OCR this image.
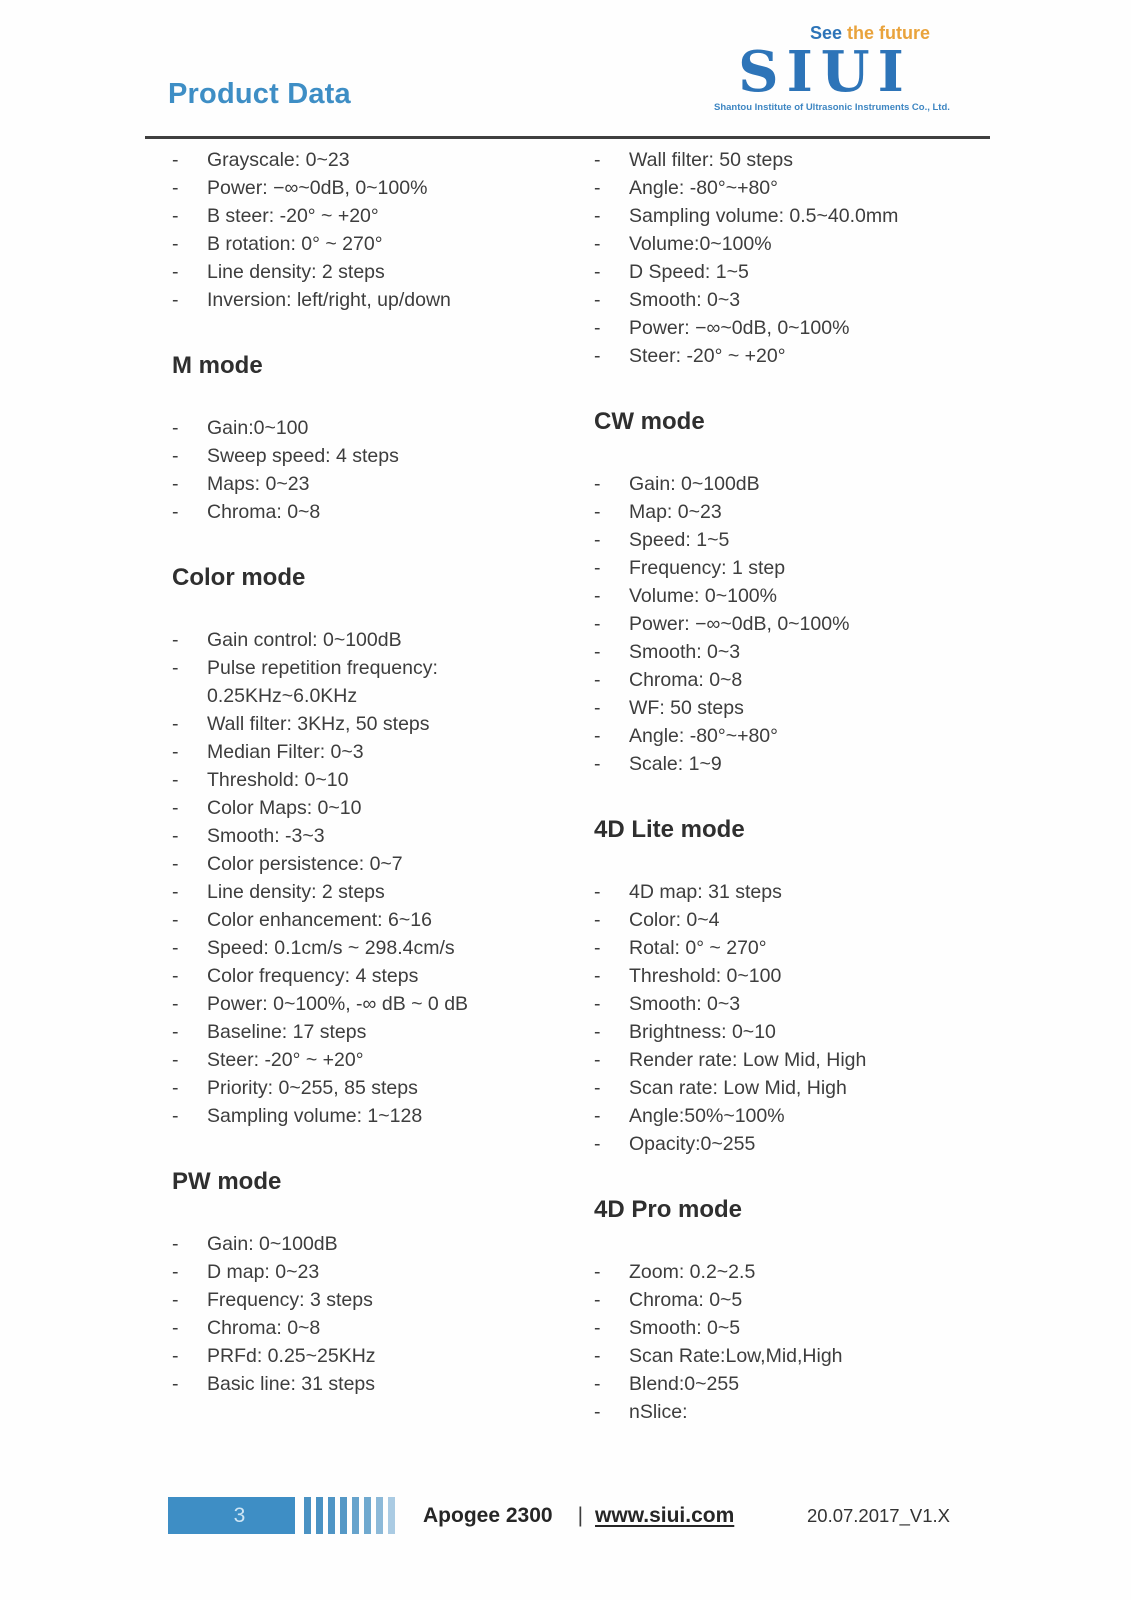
Product Data
See the future
SIUI
Shantou Institute of Ultrasonic Instruments Co., Ltd.
-	Grayscale: 0~23
-	Power: −∞~0dB, 0~100%
-	B steer: -20° ~ +20°
-	B rotation: 0° ~ 270°
-	Line density: 2 steps
-	Inversion: left/right, up/down
M mode
-	Gain:0~100
-	Sweep speed: 4 steps
-	Maps: 0~23
-	Chroma: 0~8
Color mode
-	Gain control: 0~100dB
-	Pulse repetition frequency: 0.25KHz~6.0KHz
-	Wall filter: 3KHz, 50 steps
-	Median Filter: 0~3
-	Threshold: 0~10
-	Color Maps: 0~10
-	Smooth: -3~3
-	Color persistence: 0~7
-	Line density: 2 steps
-	Color enhancement: 6~16
-	Speed: 0.1cm/s ~ 298.4cm/s
-	Color frequency: 4 steps
-	Power: 0~100%, -∞ dB ~ 0 dB
-	Baseline: 17 steps
-	Steer: -20° ~ +20°
-	Priority: 0~255, 85 steps
-	Sampling volume: 1~128
PW mode
-	Gain: 0~100dB
-	D map: 0~23
-	Frequency: 3 steps
-	Chroma: 0~8
-	PRFd: 0.25~25KHz
-	Basic line: 31 steps
-	Wall filter: 50 steps
-	Angle: -80°~+80°
-	Sampling volume: 0.5~40.0mm
-	Volume:0~100%
-	D Speed: 1~5
-	Smooth: 0~3
-	Power: −∞~0dB, 0~100%
-	Steer: -20° ~ +20°
CW mode
-	Gain: 0~100dB
-	Map: 0~23
-	Speed: 1~5
-	Frequency: 1 step
-	Volume: 0~100%
-	Power: −∞~0dB, 0~100%
-	Smooth: 0~3
-	Chroma: 0~8
-	WF: 50 steps
-	Angle: -80°~+80°
-	Scale: 1~9
4D Lite mode
-	4D map: 31 steps
-	Color: 0~4
-	Rotal: 0° ~ 270°
-	Threshold: 0~100
-	Smooth: 0~3
-	Brightness: 0~10
-	Render rate: Low Mid, High
-	Scan rate: Low Mid, High
-	Angle:50%~100%
-	Opacity:0~255
4D Pro mode
-	Zoom: 0.2~2.5
-	Chroma: 0~5
-	Smooth: 0~5
-	Scan Rate:Low,Mid,High
-	Blend:0~255
-	nSlice:
3	Apogee 2300 | www.siui.com	20.07.2017_V1.X
